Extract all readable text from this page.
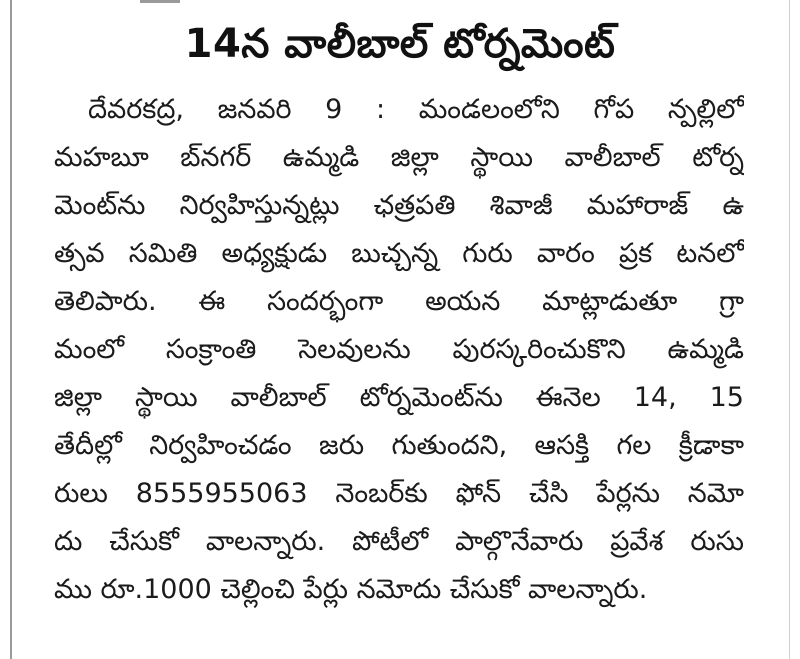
14న వాలీబాల్ టోర్నమెంట్
దేవరకద్ర, జనవరి 9 : మండలంలోని గోప న్పల్లిలో
మహబూ బ్‌నగర్ ఉమ్మడి జిల్లా స్థాయి వాలీబాల్ టోర్న
మెంట్‌ను నిర్వహిస్తున్నట్లు ఛత్రపతి శివాజీ మహారాజ్ ఉ
త్సవ సమితి అధ్యక్షుడు బుచ్చన్న గురు వారం ప్రక టనలో
తెలిపారు. ఈ సందర్భంగా అయన మాట్లాడుతూ గ్రా
మంలో సంక్రాంతి సెలవులను పురస్కరించుకొని ఉమ్మడి
జిల్లా స్థాయి వాలీబాల్ టోర్నమెంట్‌ను ఈనెల 14, 15
తేదీల్లో నిర్వహించడం జరు గుతుందని, ఆసక్తి గల క్రీడాకా
రులు 8555955063 నెంబర్‌కు ఫోన్ చేసి పేర్లను నమో
దు చేసుకో వాలన్నారు. పోటీలో పాల్గొనేవారు ప్రవేశ రుసు
ము రూ.1000 చెల్లించి పేర్లు నమోదు చేసుకో వాలన్నారు.
